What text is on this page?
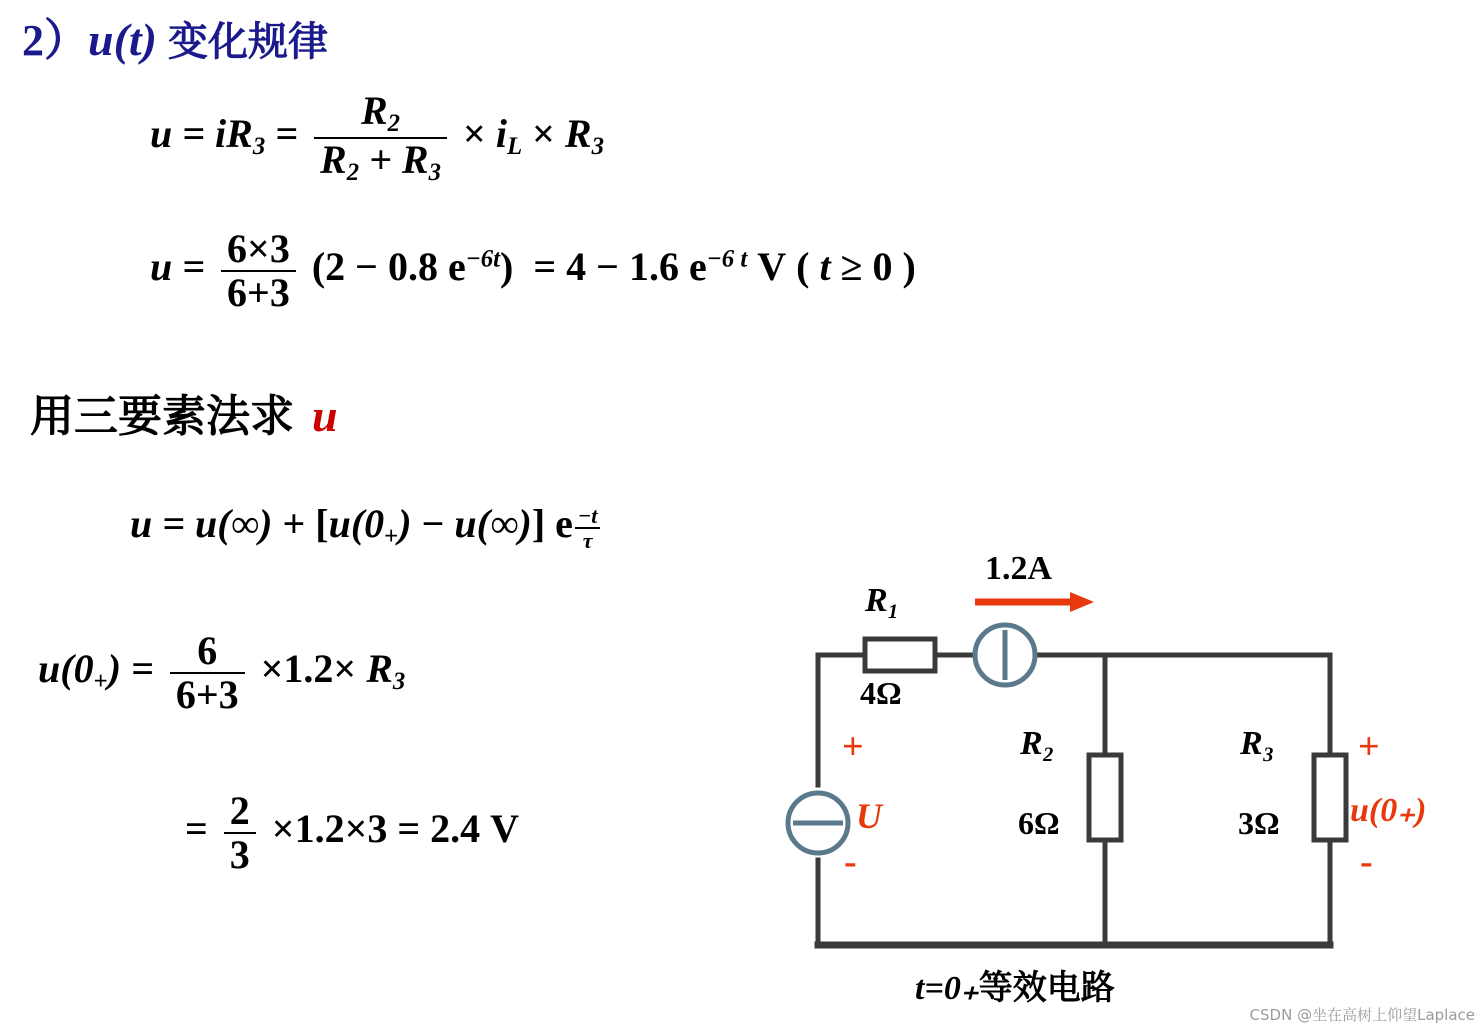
2）u(t) 变化规律
$u = iR_3 = \frac{R_2}{R_2 + R_3} \times i_L \times R_3$
$u = \frac{6\times 3}{6+3} (2 - 0.8$ $e^{-6t}) = 4 - 1.6$ $e^{-6 t}$ V ( t ≥ 0 )
用三要素法求 u
$u = u(\infty) + [u(0_+) - u(\infty)]$ e $\frac{-t}{\tau}$
$u(0_+) = \frac{6}{6+3} \times 1.2\times R_3$
= $\frac{2}{3} \times 1.2\times 3 = 2.4$ V
R₁
4Ω
1.2A
R₂
6Ω
R₃
3Ω
+
U
-
+
u(0₊)
-
t=0₊等效电路
CSDN @坐在高树上仰望Laplace
